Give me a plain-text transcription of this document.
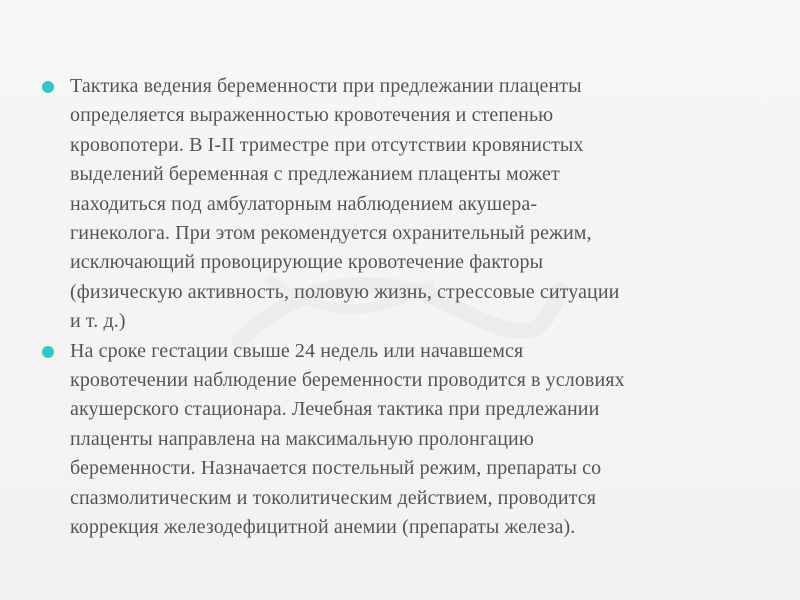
Тактика ведения беременности при предлежании плаценты
определяется выраженностью кровотечения и степенью
кровопотери. В I-II триместре при отсутствии кровянистых
выделений беременная с предлежанием плаценты может
находиться под амбулаторным наблюдением акушера-
гинеколога. При этом рекомендуется охранительный режим,
исключающий провоцирующие кровотечение факторы
(физическую активность, половую жизнь, стрессовые ситуации
и т. д.)
На сроке гестации свыше 24 недель или начавшемся
кровотечении наблюдение беременности проводится в условиях
акушерского стационара. Лечебная тактика при предлежании
плаценты направлена на максимальную пролонгацию
беременности. Назначается постельный режим, препараты со
спазмолитическим и токолитическим действием, проводится
коррекция железодефицитной анемии (препараты железа).
